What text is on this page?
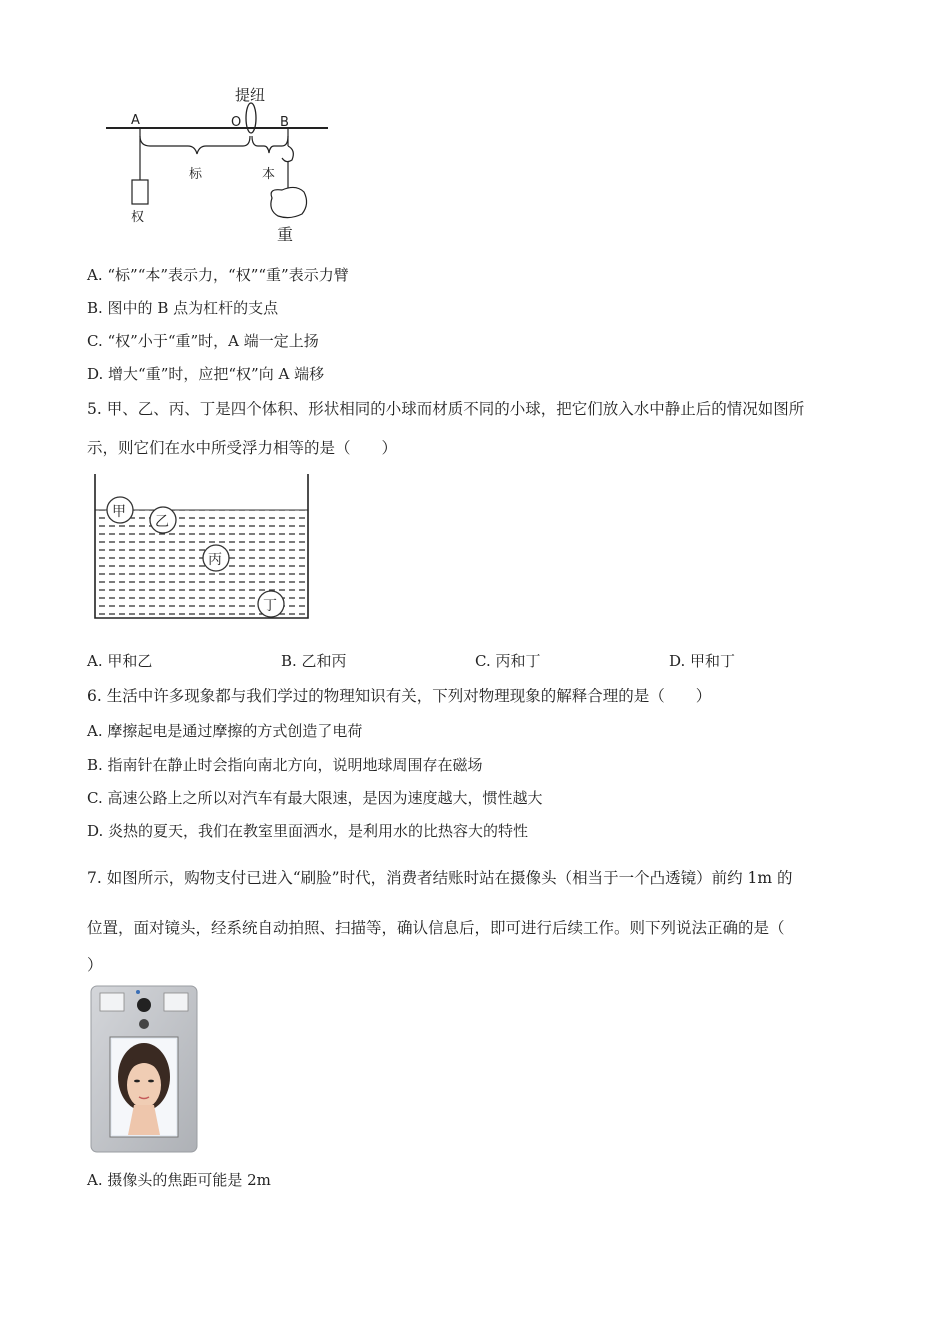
提纽
A	O	B
标	本
权
重
A. “标”“本”表示力，“权”“重”表示力臂
B. 图中的 B 点为杠杆的支点
C. “权”小于“重”时，A 端一定上扬
D. 增大“重”时，应把“权”向 A 端移
5. 甲、乙、丙、丁是四个体积、形状相同的小球而材质不同的小球，把它们放入水中静止后的情况如图所
示，则它们在水中所受浮力相等的是（　　）
甲
乙
丙
丁
A. 甲和乙	B. 乙和丙	C. 丙和丁	D. 甲和丁
6. 生活中许多现象都与我们学过的物理知识有关，下列对物理现象的解释合理的是（　　）
A. 摩擦起电是通过摩擦的方式创造了电荷
B. 指南针在静止时会指向南北方向，说明地球周围存在磁场
C. 高速公路上之所以对汽车有最大限速，是因为速度越大，惯性越大
D. 炎热的夏天，我们在教室里面洒水，是利用水的比热容大的特性
7. 如图所示，购物支付已进入“刷脸”时代，消费者结账时站在摄像头（相当于一个凸透镜）前约 1m 的
位置，面对镜头，经系统自动拍照、扫描等，确认信息后，即可进行后续工作。则下列说法正确的是（
）
A. 摄像头的焦距可能是 2m
